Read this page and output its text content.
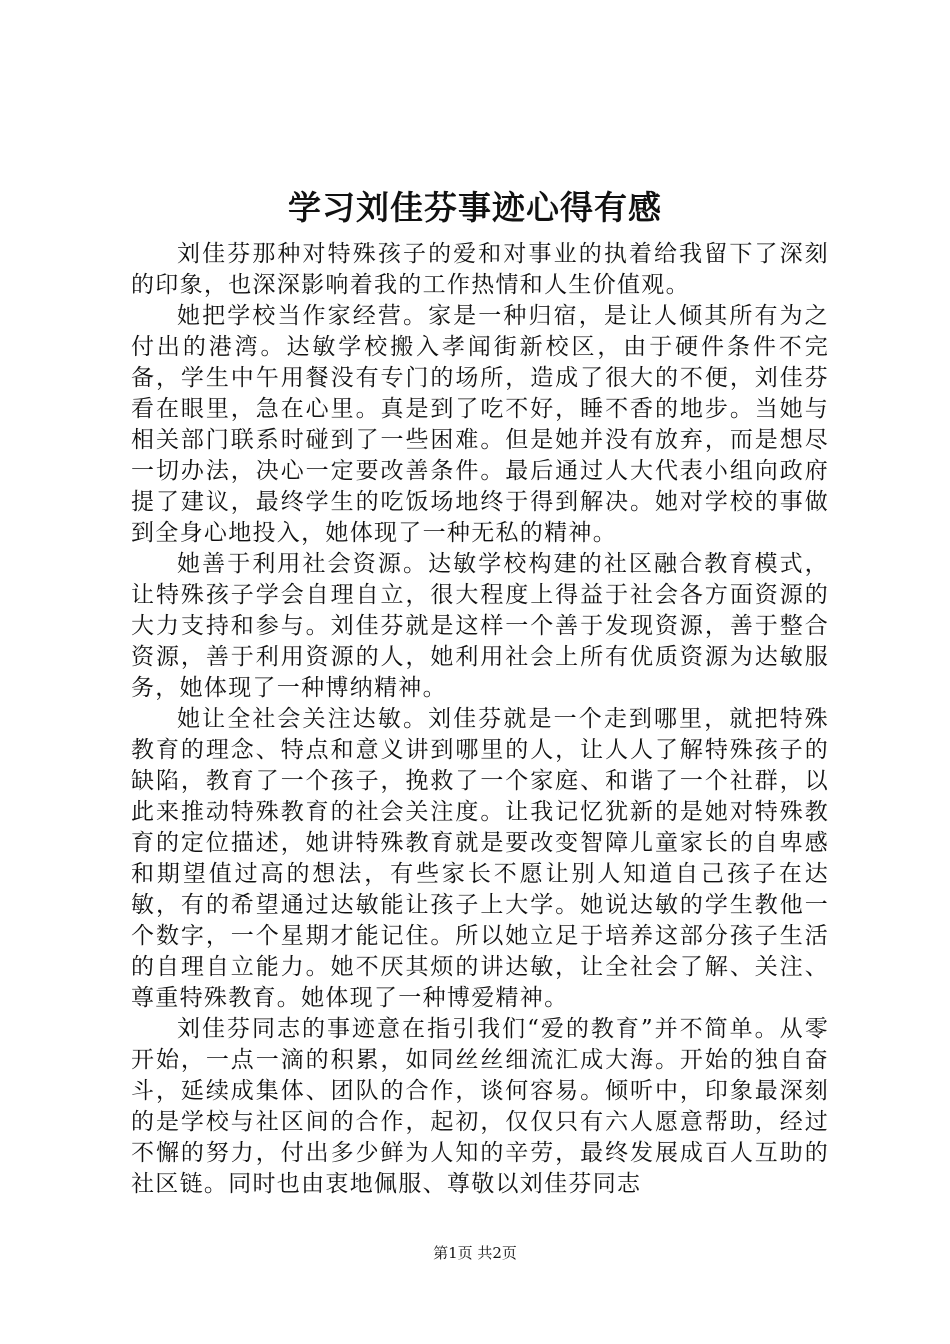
学习刘佳芬事迹心得有感

刘佳芬那种对特殊孩子的爱和对事业的执着给我留下了深刻的印象，也深深影响着我的工作热情和人生价值观。

她把学校当作家经营。家是一种归宿，是让人倾其所有为之付出的港湾。达敏学校搬入孝闻街新校区，由于硬件条件不完备，学生中午用餐没有专门的场所，造成了很大的不便，刘佳芬看在眼里，急在心里。真是到了吃不好，睡不香的地步。当她与相关部门联系时碰到了一些困难。但是她并没有放弃，而是想尽一切办法，决心一定要改善条件。最后通过人大代表小组向政府提了建议，最终学生的吃饭场地终于得到解决。她对学校的事做到全身心地投入，她体现了一种无私的精神。

她善于利用社会资源。达敏学校构建的社区融合教育模式，让特殊孩子学会自理自立，很大程度上得益于社会各方面资源的大力支持和参与。刘佳芬就是这样一个善于发现资源，善于整合资源，善于利用资源的人，她利用社会上所有优质资源为达敏服务，她体现了一种博纳精神。

她让全社会关注达敏。刘佳芬就是一个走到哪里，就把特殊教育的理念、特点和意义讲到哪里的人，让人人了解特殊孩子的缺陷，教育了一个孩子，挽救了一个家庭、和谐了一个社群，以此来推动特殊教育的社会关注度。让我记忆犹新的是她对特殊教育的定位描述，她讲特殊教育就是要改变智障儿童家长的自卑感和期望值过高的想法，有些家长不愿让别人知道自己孩子在达敏，有的希望通过达敏能让孩子上大学。她说达敏的学生教他一个数字，一个星期才能记住。所以她立足于培养这部分孩子生活的自理自立能力。她不厌其烦的讲达敏，让全社会了解、关注、尊重特殊教育。她体现了一种博爱精神。

刘佳芬同志的事迹意在指引我们“爱的教育”并不简单。从零开始，一点一滴的积累，如同丝丝细流汇成大海。开始的独自奋斗，延续成集体、团队的合作，谈何容易。倾听中，印象最深刻的是学校与社区间的合作，起初，仅仅只有六人愿意帮助，经过不懈的努力，付出多少鲜为人知的辛劳，最终发展成百人互助的社区链。同时也由衷地佩服、尊敬以刘佳芬同志

第1页 共2页
